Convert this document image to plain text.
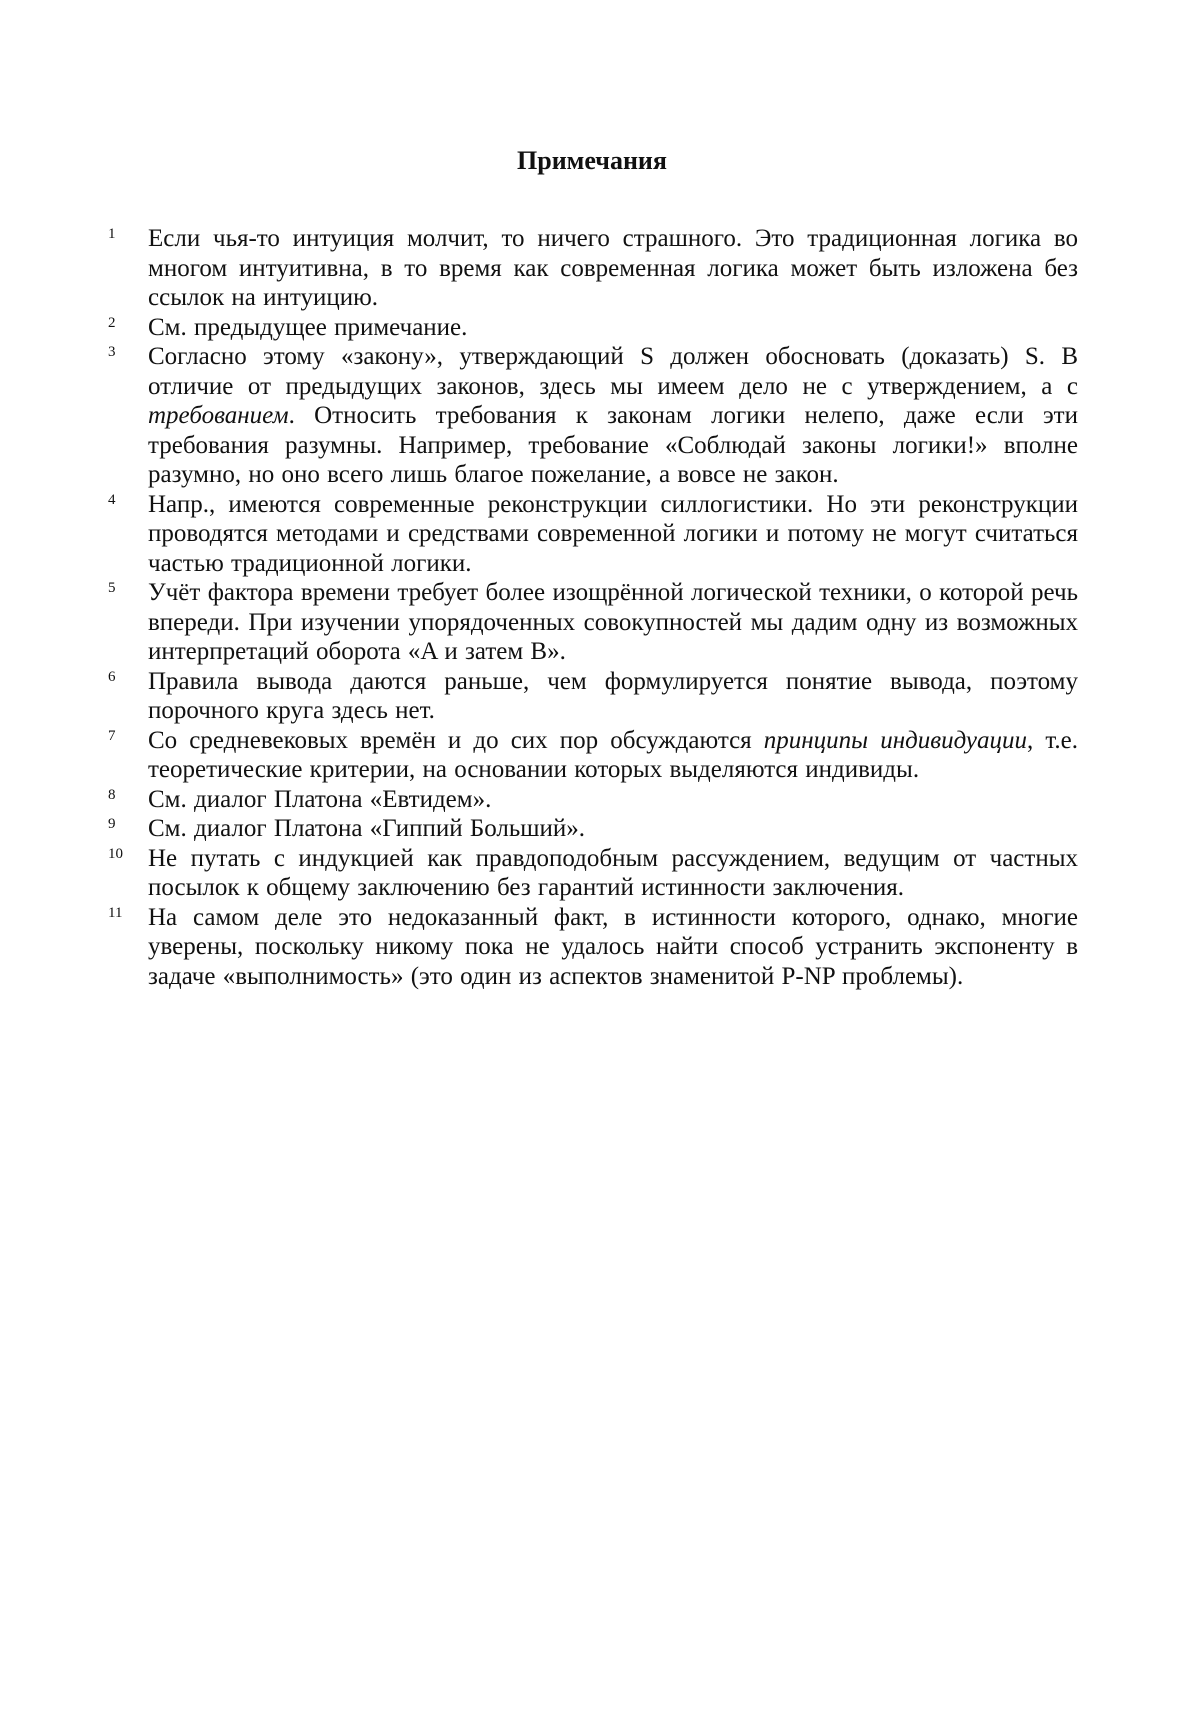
Примечания
1	Если чья-то интуиция молчит, то ничего страшного. Это традиционная логика во многом интуитивна, в то время как современная логика может быть изложена без ссылок на интуицию.
2	См. предыдущее примечание.
3	Согласно этому «закону», утверждающий S должен обосновать (доказать) S. В отличие от предыдущих законов, здесь мы имеем дело не с утверждением, а с требованием. Относить требования к законам логики нелепо, даже если эти требования разумны. Например, требование «Соблюдай законы логики!» вполне разумно, но оно всего лишь благое пожелание, а вовсе не закон.
4	Напр., имеются современные реконструкции силлогистики. Но эти реконструкции проводятся методами и средствами современной логики и потому не могут считаться частью традиционной логики.
5	Учёт фактора времени требует более изощрённой логической техники, о которой речь впереди. При изучении упорядоченных совокупностей мы дадим одну из возможных интерпретаций оборота «A и затем B».
6	Правила вывода даются раньше, чем формулируется понятие вывода, поэтому порочного круга здесь нет.
7	Со средневековых времён и до сих пор обсуждаются принципы индивидуации, т.е. теоретические критерии, на основании которых выделяются индивиды.
8	См. диалог Платона «Евтидем».
9	См. диалог Платона «Гиппий Больший».
10	Не путать с индукцией как правдоподобным рассуждением, ведущим от частных посылок к общему заключению без гарантий истинности заключения.
11	На самом деле это недоказанный факт, в истинности которого, однако, многие уверены, поскольку никому пока не удалось найти способ устранить экспоненту в задаче «выполнимость» (это один из аспектов знаменитой P-NP проблемы).
